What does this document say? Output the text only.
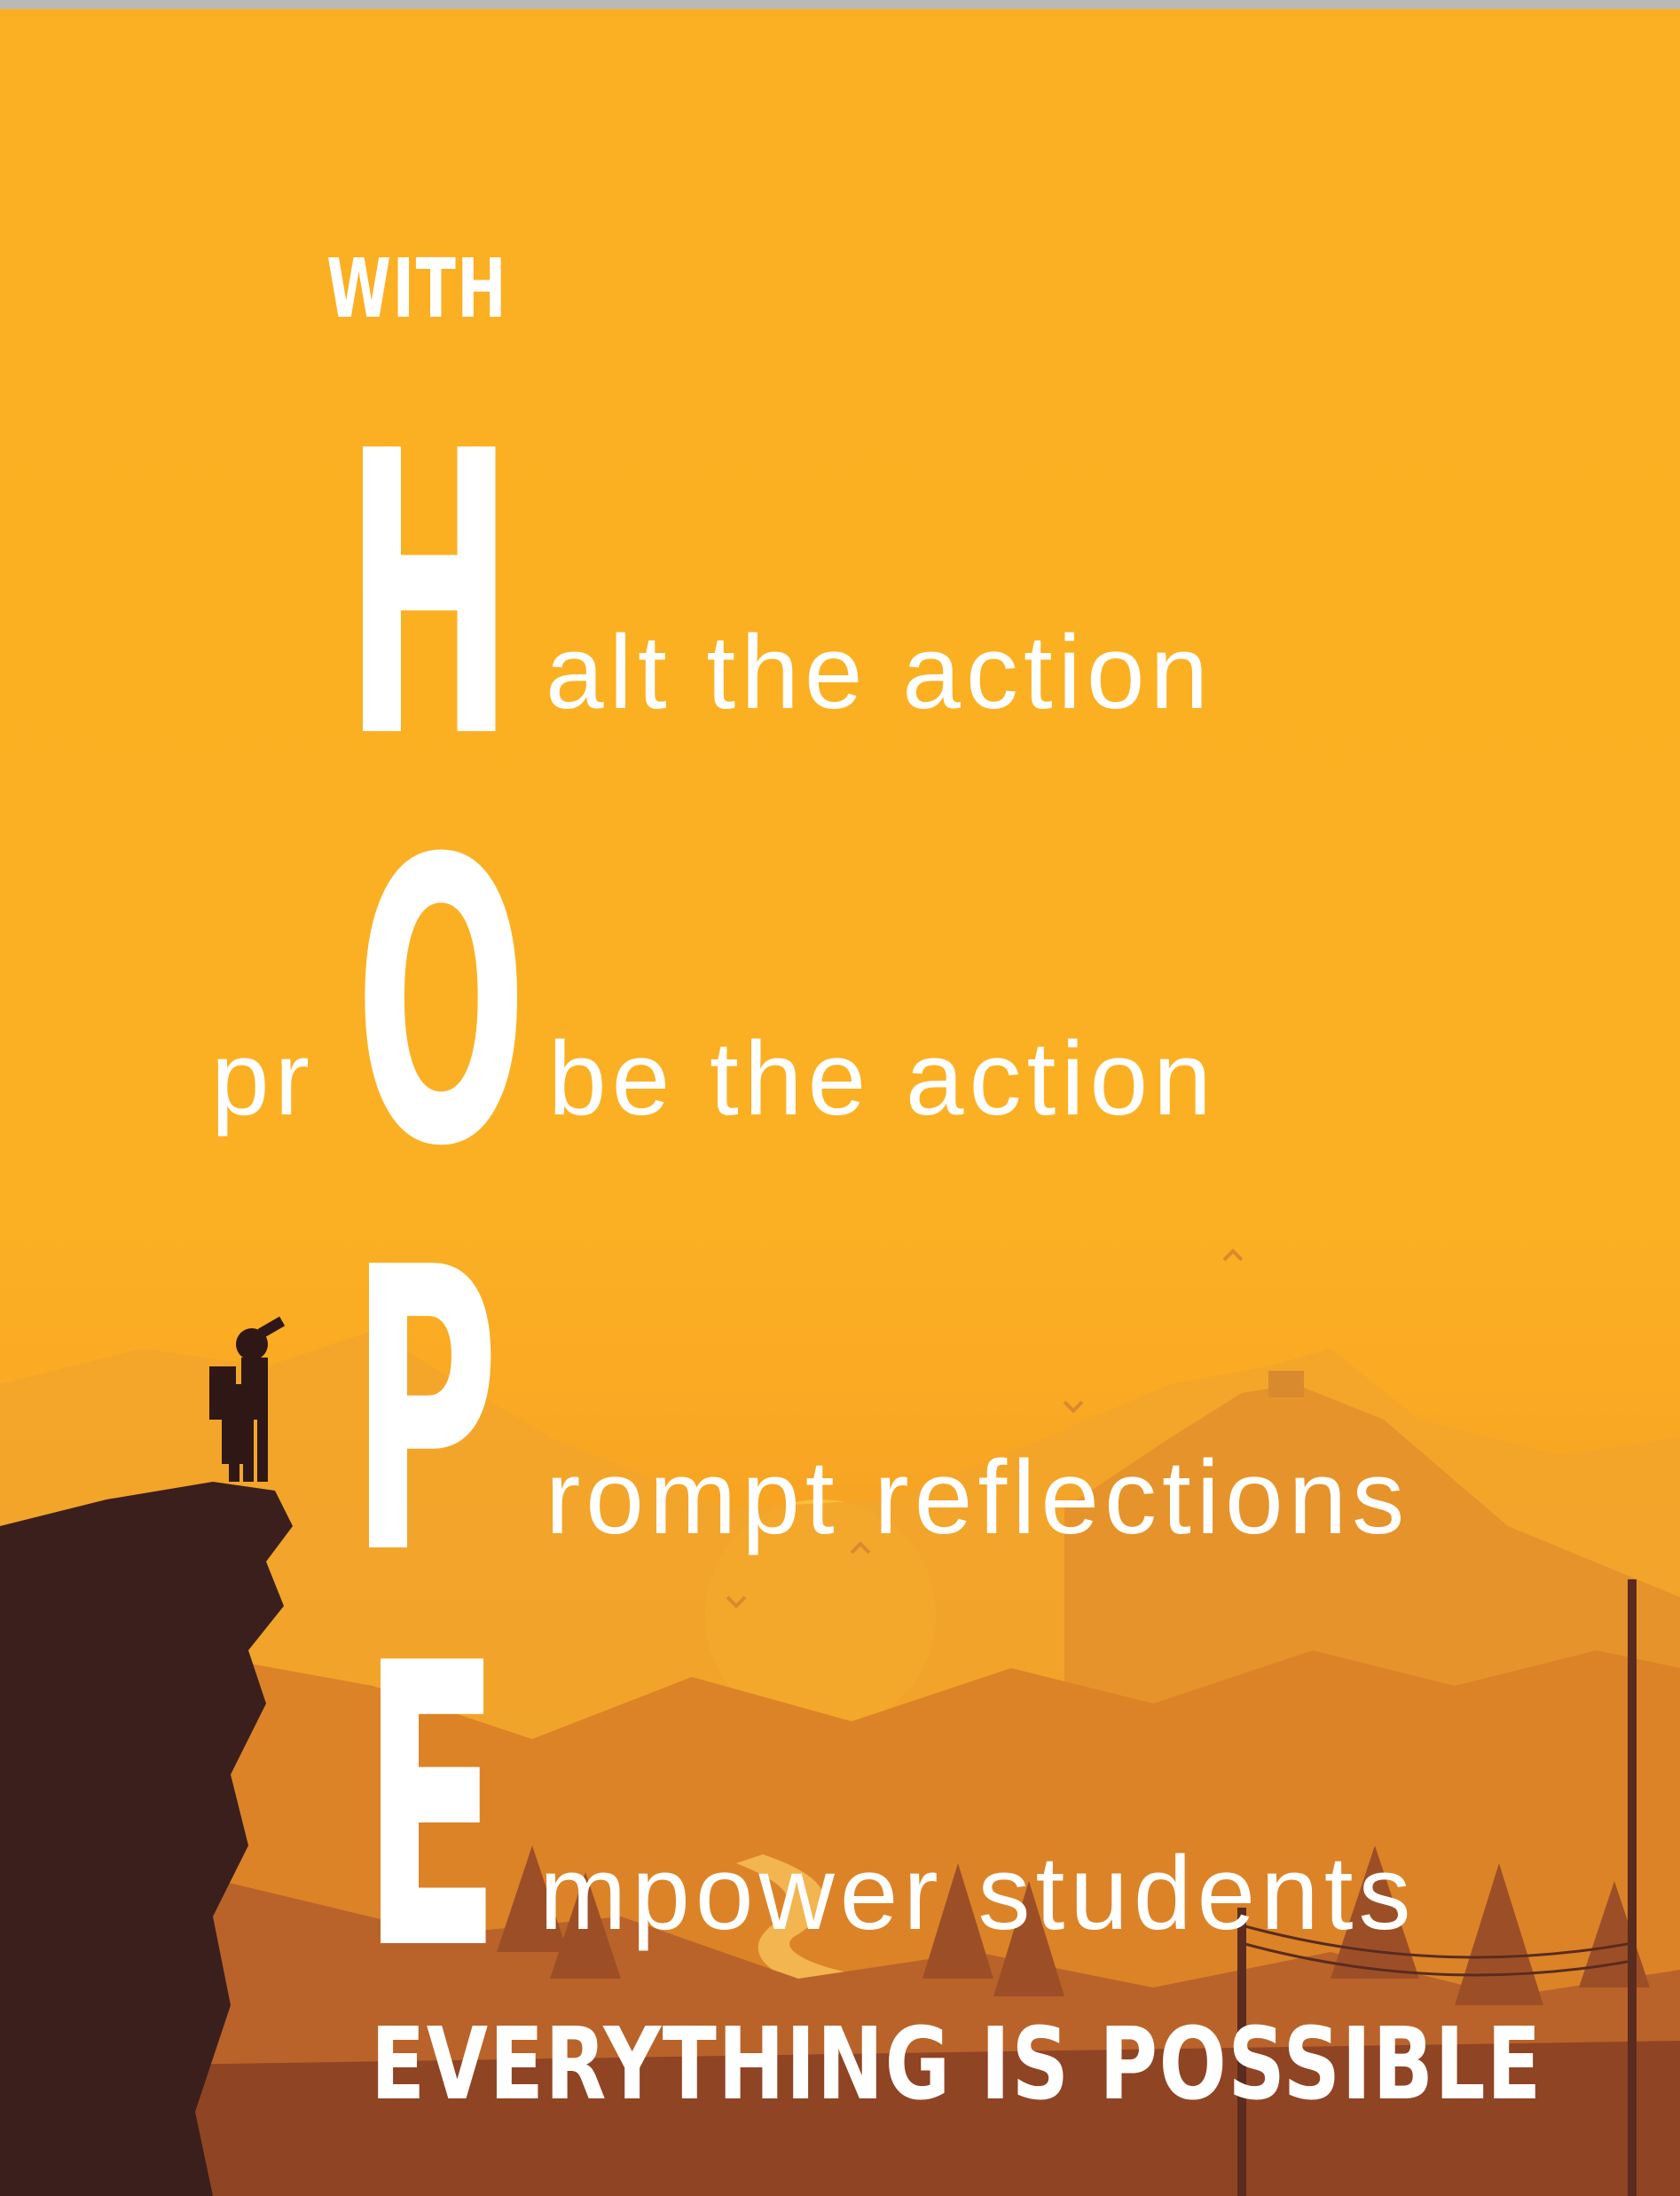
WITH
H alt the action
pr O be the action
P rompt reflections
E mpower students
EVERYTHING IS POSSIBLE
